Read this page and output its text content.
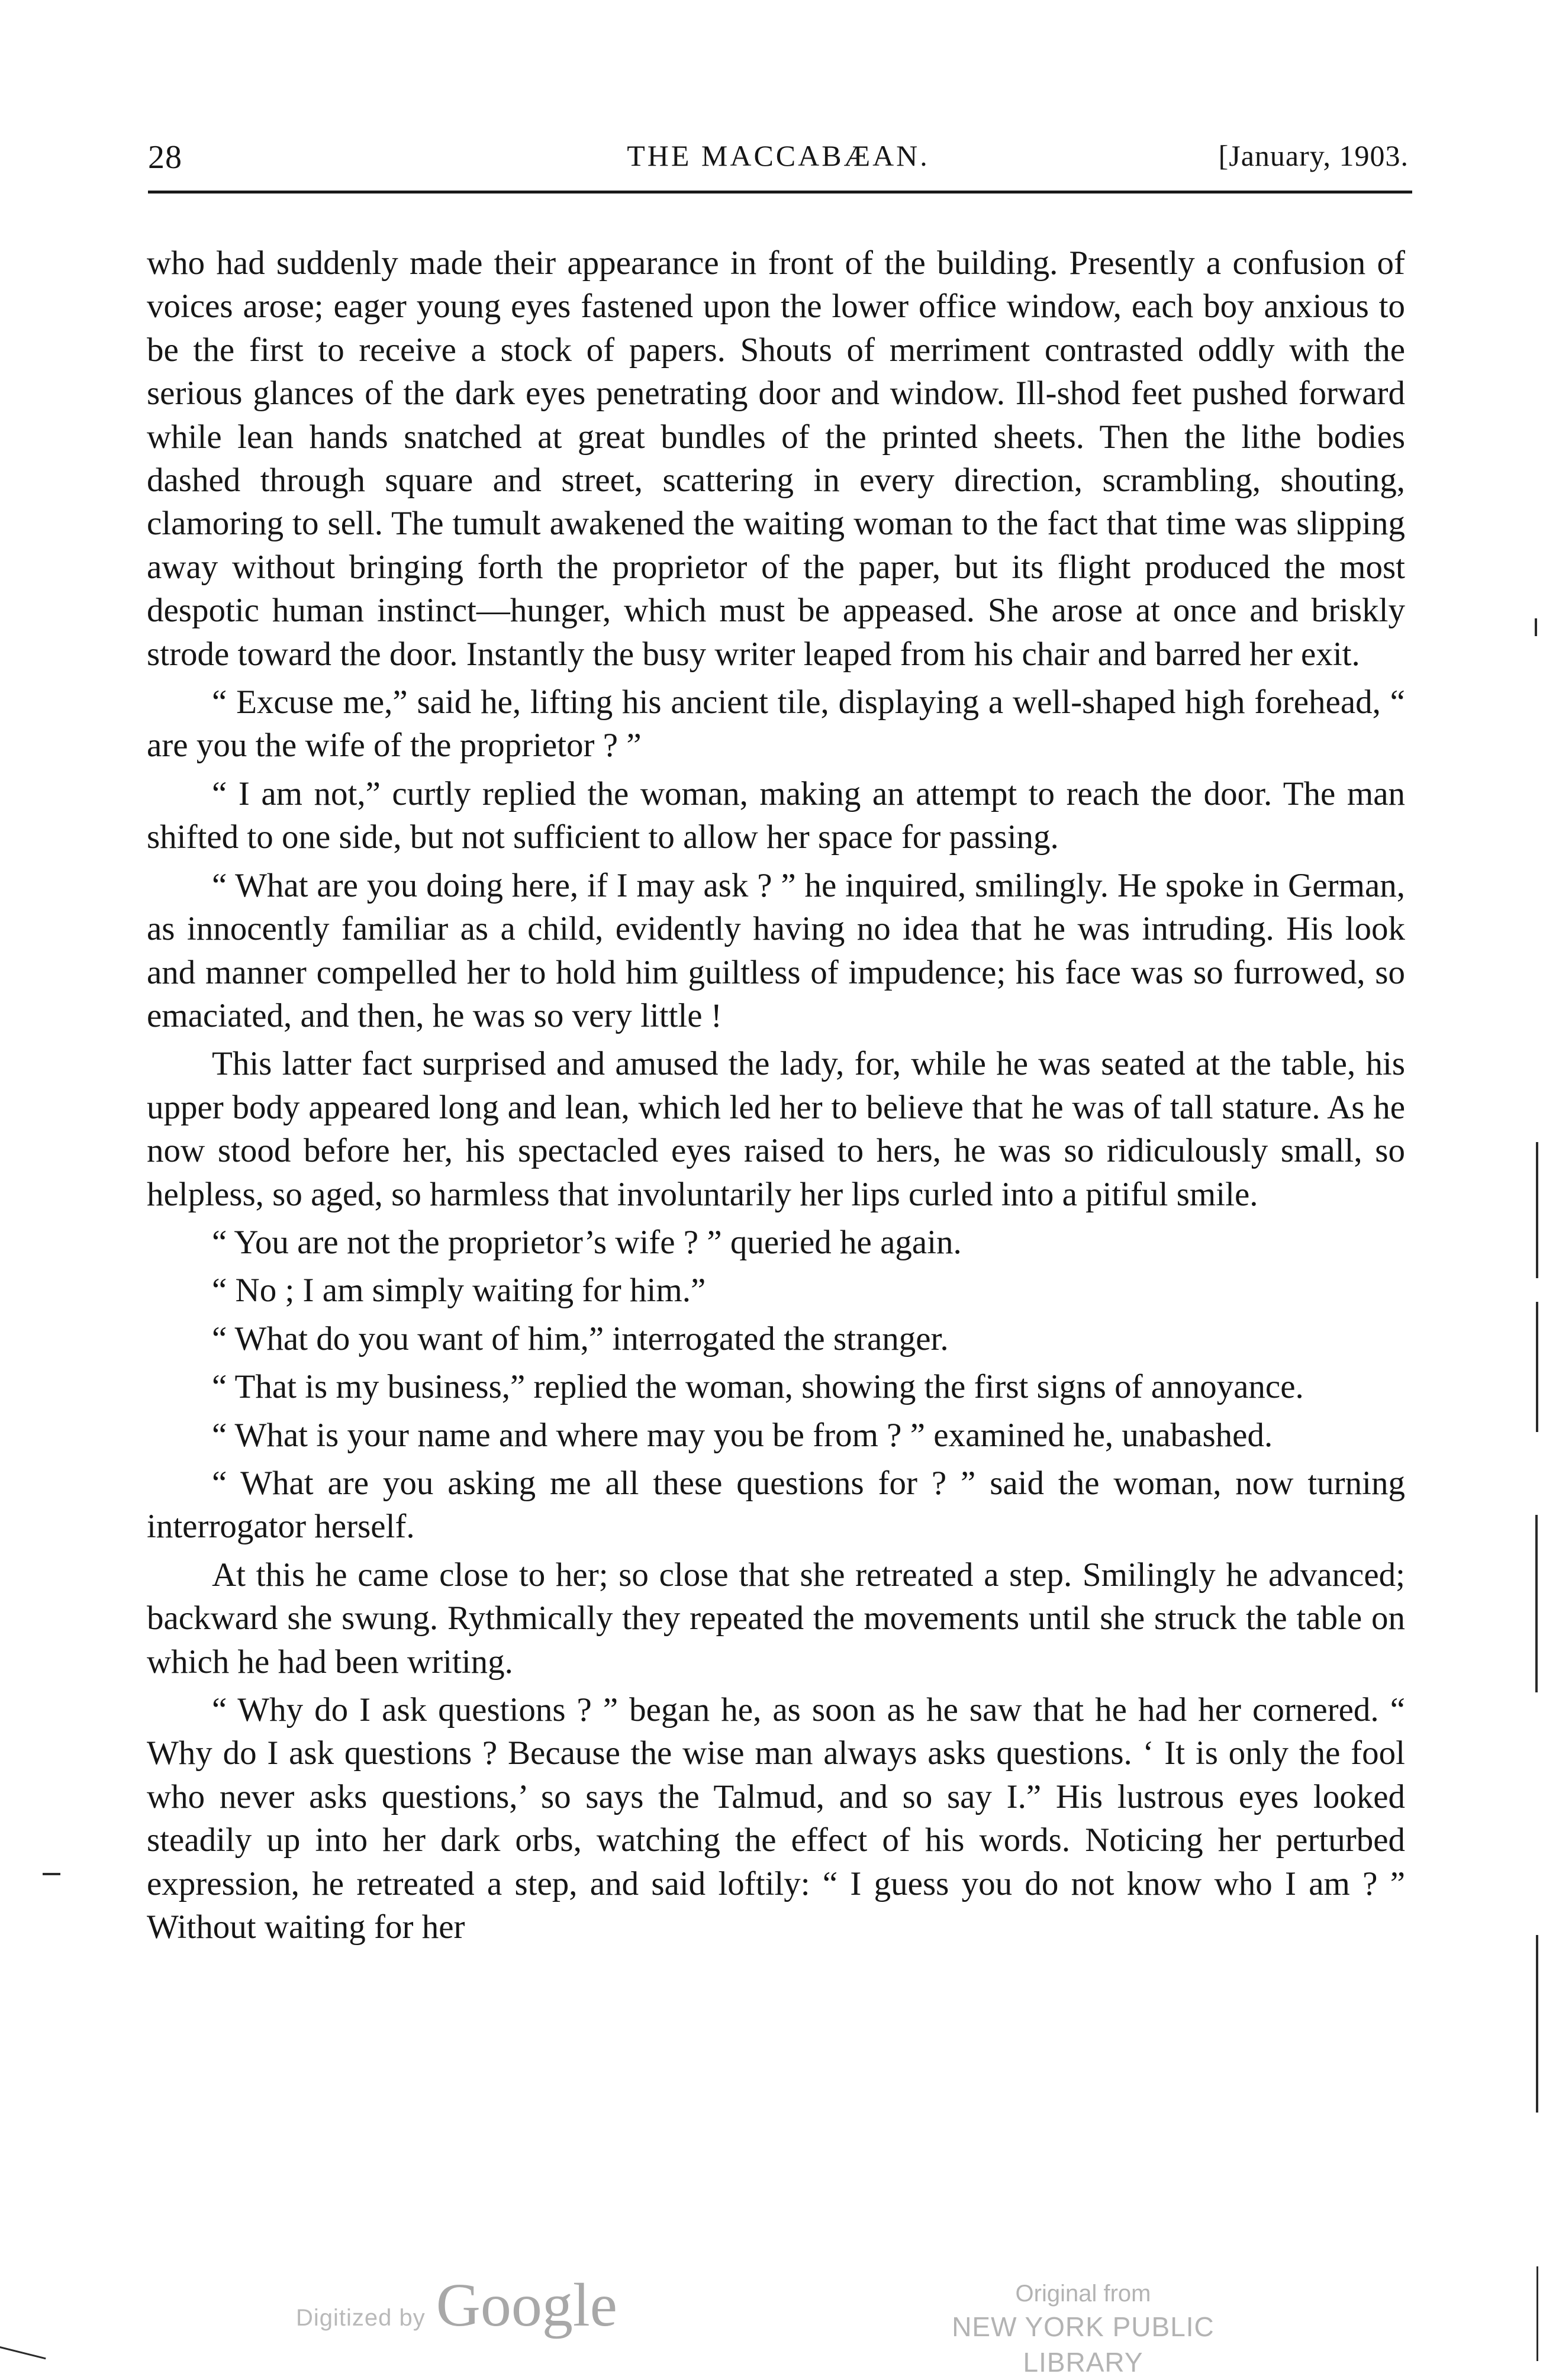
28	THE MACCABÆAN.	[January, 1903.

who had suddenly made their appearance in front of the building. Presently a confusion of voices arose; eager young eyes fastened upon the lower office window, each boy anxious to be the first to receive a stock of papers. Shouts of merriment contrasted oddly with the serious glances of the dark eyes penetrating door and window. Ill-shod feet pushed forward while lean hands snatched at great bundles of the printed sheets. Then the lithe bodies dashed through square and street, scattering in every direction, scrambling, shouting, clamoring to sell. The tumult awakened the waiting woman to the fact that time was slipping away without bringing forth the proprietor of the paper, but its flight produced the most despotic human instinct—hunger, which must be appeased. She arose at once and briskly strode toward the door. Instantly the busy writer leaped from his chair and barred her exit.

“ Excuse me,” said he, lifting his ancient tile, displaying a well-shaped high forehead, “ are you the wife of the proprietor ? ”

“ I am not,” curtly replied the woman, making an attempt to reach the door. The man shifted to one side, but not sufficient to allow her space for passing.

“ What are you doing here, if I may ask ? ” he inquired, smilingly. He spoke in German, as innocently familiar as a child, evidently having no idea that he was intruding. His look and manner compelled her to hold him guiltless of impudence; his face was so furrowed, so emaciated, and then, he was so very little !

This latter fact surprised and amused the lady, for, while he was seated at the table, his upper body appeared long and lean, which led her to believe that he was of tall stature. As he now stood before her, his spectacled eyes raised to hers, he was so ridiculously small, so helpless, so aged, so harmless that involuntarily her lips curled into a pitiful smile.

“ You are not the proprietor’s wife ? ” queried he again.

“ No ; I am simply waiting for him.”

“ What do you want of him,” interrogated the stranger.

“ That is my business,” replied the woman, showing the first signs of annoyance.

“ What is your name and where may you be from ? ” examined he, unabashed.

“ What are you asking me all these questions for ? ” said the woman, now turning interrogator herself.

At this he came close to her; so close that she retreated a step. Smilingly he advanced; backward she swung. Rythmically they repeated the movements until she struck the table on which he had been writing.

“ Why do I ask questions ? ” began he, as soon as he saw that he had her cornered. “ Why do I ask questions ? Because the wise man always asks questions. ‘ It is only the fool who never asks questions,’ so says the Talmud, and so say I.” His lustrous eyes looked steadily up into her dark orbs, watching the effect of his words. Noticing her perturbed expression, he retreated a step, and said loftily: “ I guess you do not know who I am ? ” Without waiting for her

Digitized by Google	Original from
NEW YORK PUBLIC LIBRARY
